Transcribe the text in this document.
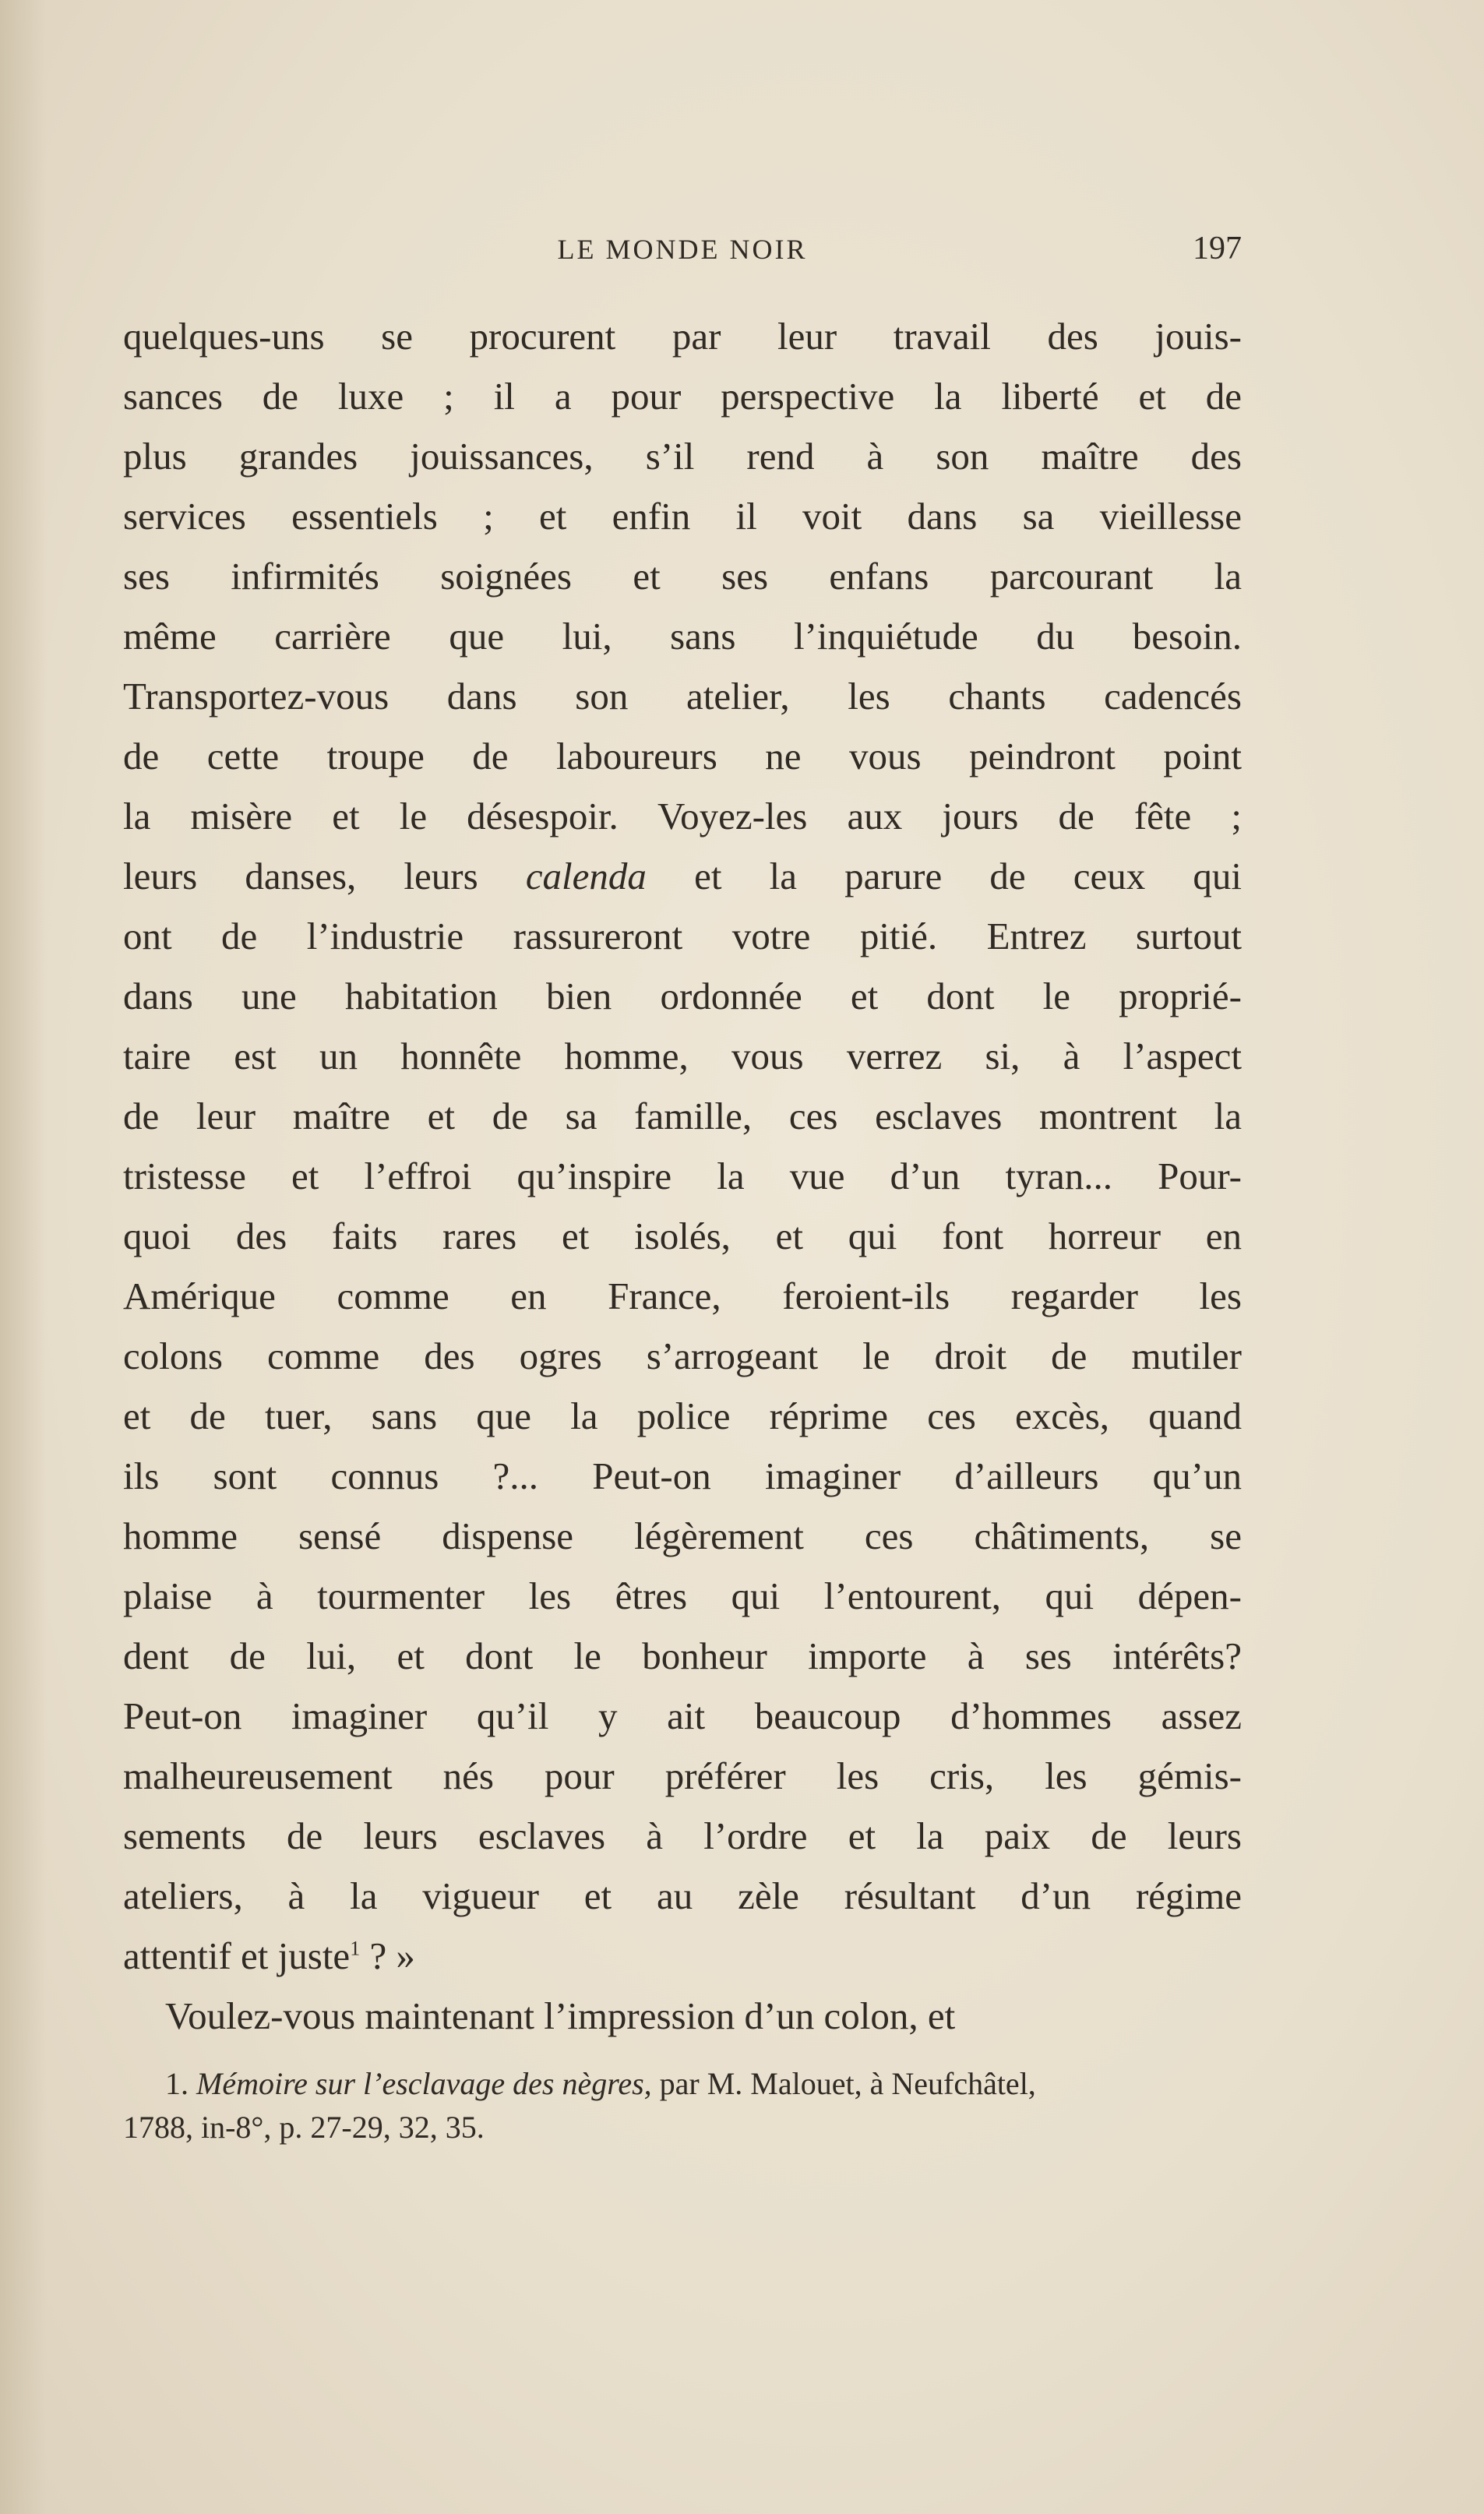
LE MONDE NOIR	197
quelques-uns se procurent par leur travail des jouis-
sances de luxe ; il a pour perspective la liberté et de
plus grandes jouissances, s’il rend à son maître des
services essentiels ; et enfin il voit dans sa vieillesse
ses infirmités soignées et ses enfans parcourant la
même carrière que lui, sans l’inquiétude du besoin.
Transportez-vous dans son atelier, les chants cadencés
de cette troupe de laboureurs ne vous peindront point
la misère et le désespoir. Voyez-les aux jours de fête ;
leurs danses, leurs calenda et la parure de ceux qui
ont de l’industrie rassureront votre pitié. Entrez surtout
dans une habitation bien ordonnée et dont le proprié-
taire est un honnête homme, vous verrez si, à l’aspect
de leur maître et de sa famille, ces esclaves montrent la
tristesse et l’effroi qu’inspire la vue d’un tyran... Pour-
quoi des faits rares et isolés, et qui font horreur en
Amérique comme en France, feroient-ils regarder les
colons comme des ogres s’arrogeant le droit de mutiler
et de tuer, sans que la police réprime ces excès, quand
ils sont connus ?... Peut-on imaginer d’ailleurs qu’un
homme sensé dispense légèrement ces châtiments, se
plaise à tourmenter les êtres qui l’entourent, qui dépen-
dent de lui, et dont le bonheur importe à ses intérêts?
Peut-on imaginer qu’il y ait beaucoup d’hommes assez
malheureusement nés pour préférer les cris, les gémis-
sements de leurs esclaves à l’ordre et la paix de leurs
ateliers, à la vigueur et au zèle résultant d’un régime
attentif et juste$^1$ ? »
Voulez-vous maintenant l’impression d’un colon, et
1. Mémoire sur l’esclavage des nègres, par M. Malouet, à Neufchâtel,
1788, in-8°, p. 27-29, 32, 35.
